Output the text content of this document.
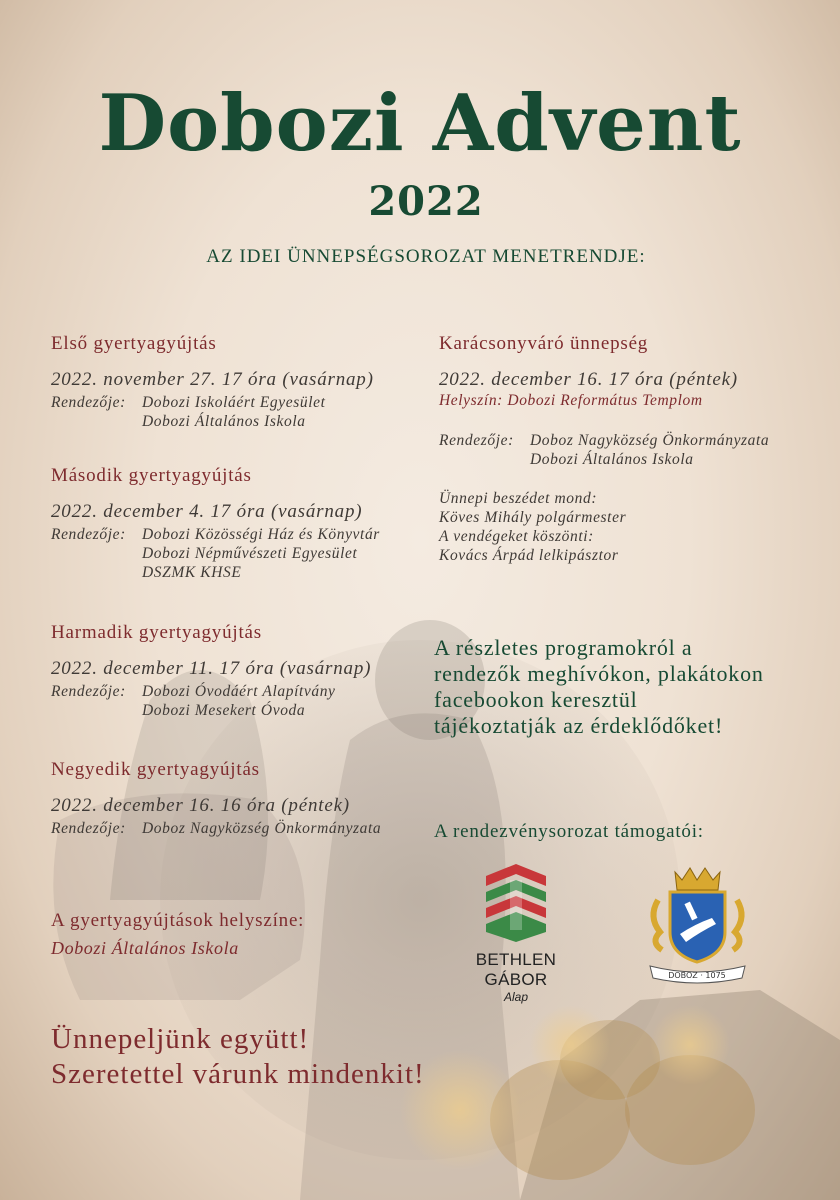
Dobozi Advent
2022
AZ IDEI ÜNNEPSÉGSOROZAT MENETRENDJE:
Első gyertyagyújtás
2022. november 27. 17 óra (vasárnap)
Rendezője: Dobozi Iskoláért Egyesület
Dobozi Általános Iskola
Második gyertyagyújtás
2022. december 4. 17 óra (vasárnap)
Rendezője: Dobozi Közösségi Ház és Könyvtár
Dobozi Népművészeti Egyesület
DSZMK KHSE
Harmadik gyertyagyújtás
2022. december 11. 17 óra (vasárnap)
Rendezője: Dobozi Óvodáért Alapítvány
Dobozi Mesekert Óvoda
Negyedik gyertyagyújtás
2022. december 16. 16 óra (péntek)
Rendezője: Doboz Nagyközség Önkormányzata
A gyertyagyújtások helyszíne:
Dobozi Általános Iskola
Karácsonyváró ünnepség
2022. december 16. 17 óra (péntek)
Helyszín: Dobozi Református Templom
Rendezője: Doboz Nagyközség Önkormányzata
Dobozi Általános Iskola
Ünnepi beszédet mond:
Köves Mihály polgármester
A vendégeket köszönti:
Kovács Árpád lelkipásztor
A részletes programokról a
rendezők meghívókon, plakátokon
facebookon keresztül
tájékoztatják az érdeklődőket!
A rendezvénysorozat támogatói:
BETHLEN GÁBOR
Alap
DOBOZ · 1075
Ünnepeljünk együtt!
Szeretettel várunk mindenkit!
